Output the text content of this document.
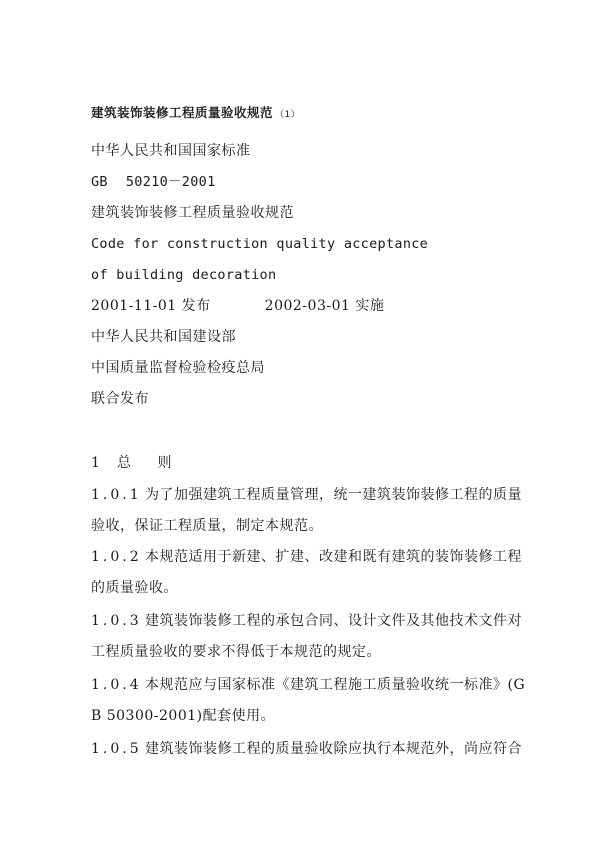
建筑装饰装修工程质量验收规范 （1）
中华人民共和国国家标准
GB 50210－2001
建筑装饰装修工程质量验收规范
Code for construction quality acceptance
of building decoration
2001-11-01 发布	2002-03-01 实施
中华人民共和国建设部
中国质量监督检验检疫总局
联合发布
1 总 则
1.0.1 为了加强建筑工程质量管理，统一建筑装饰装修工程的质量
验收，保证工程质量，制定本规范。
1.0.2 本规范适用于新建、扩建、改建和既有建筑的装饰装修工程
的质量验收。
1.0.3 建筑装饰装修工程的承包合同、设计文件及其他技术文件对
工程质量验收的要求不得低于本规范的规定。
1.0.4 本规范应与国家标准《建筑工程施工质量验收统一标准》(G
B 50300-2001)配套使用。
1.0.5 建筑装饰装修工程的质量验收除应执行本规范外，尚应符合
